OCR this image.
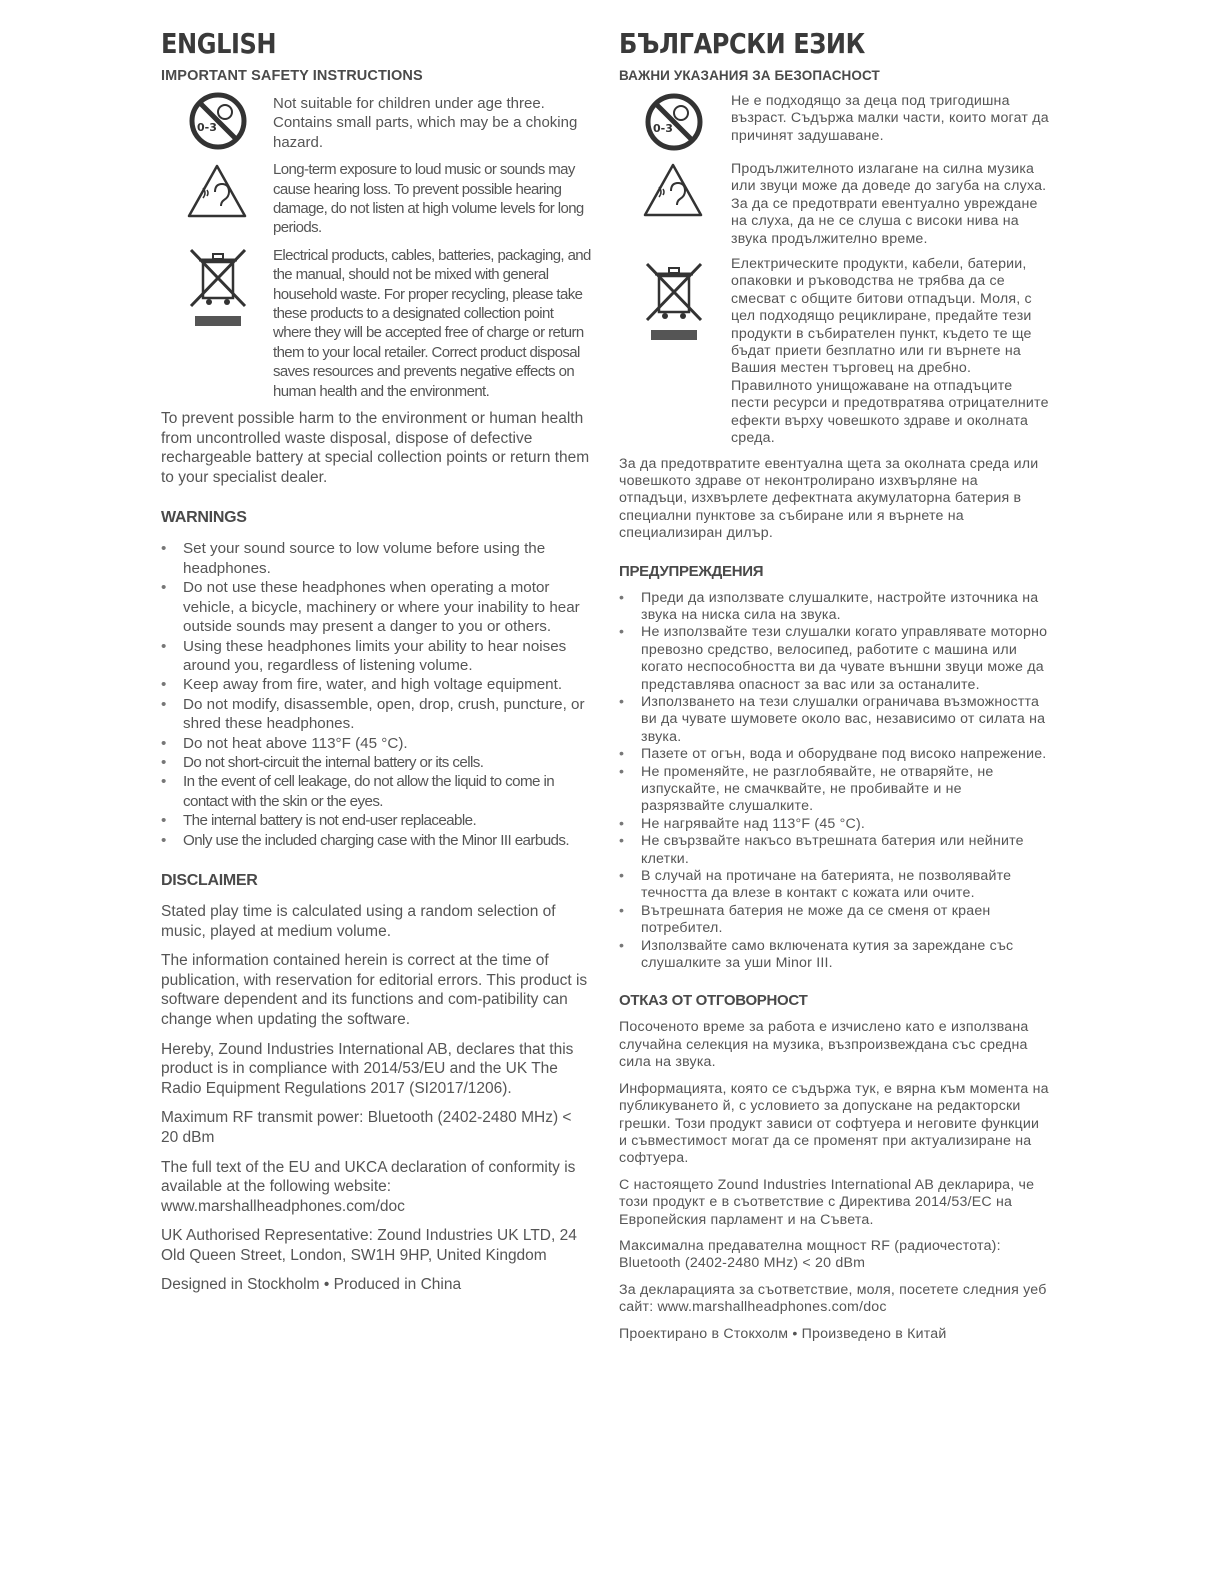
ENGLISH
IMPORTANT SAFETY INSTRUCTIONS
0-3
Not suitable for children under age three. Contains small parts, which may be a choking hazard.
Long-term exposure to loud music or sounds may cause hearing loss. To prevent possible hearing damage, do not listen at high volume levels for long periods.
Electrical products, cables, batteries, packaging, and the manual, should not be mixed with general household waste. For proper recycling, please take these products to a designated collection point where they will be accepted free of charge or return them to your local retailer. Correct product disposal saves resources and prevents negative effects on human health and the environment.

To prevent possible harm to the environment or human health from uncontrolled waste disposal, dispose of defective rechargeable battery at special collection points or return them to your specialist dealer.

WARNINGS
• Set your sound source to low volume before using the headphones.
• Do not use these headphones when operating a motor vehicle, a bicycle, machinery or where your inability to hear outside sounds may present a danger to you or others.
• Using these headphones limits your ability to hear noises around you, regardless of listening volume.
• Keep away from fire, water, and high voltage equipment.
• Do not modify, disassemble, open, drop, crush, puncture, or shred these headphones.
• Do not heat above 113°F (45 °C).
• Do not short-circuit the internal battery or its cells.
• In the event of cell leakage, do not allow the liquid to come in contact with the skin or the eyes.
• The internal battery is not end-user replaceable.
• Only use the included charging case with the Minor III earbuds.
DISCLAIMER

Stated play time is calculated using a random selection of music, played at medium volume.

The information contained herein is correct at the time of publication, with reservation for editorial errors. This product is software dependent and its functions and com-patibility can change when updating the software.

Hereby, Zound Industries International AB, declares that this product is in compliance with 2014/53/EU and the UK The Radio Equipment Regulations 2017 (SI2017/1206).

Maximum RF transmit power: Bluetooth (2402-2480 MHz) < 20 dBm

The full text of the EU and UKCA declaration of conformity is available at the following website: www.marshallheadphones.com/doc

UK Authorised Representative: Zound Industries UK LTD, 24 Old Queen Street, London, SW1H 9HP, United Kingdom

Designed in Stockholm • Produced in China

БЪЛГАРСКИ ЕЗИК
ВАЖНИ УКАЗАНИЯ ЗА БЕЗОПАСНОСТ
0-3
Не е подходящо за деца под тригодишна възраст. Съдържа малки части, които могат да причинят задушаване.
Продължителното излагане на силна музика или звуци може да доведе до загуба на слуха. За да се предотврати евентуално увреждане на слуха, да не се слуша с високи нива на звука продължително време.
Електрическите продукти, кабели, батерии, опаковки и ръководства не трябва да се смесват с общите битови отпадъци. Моля, с цел подходящо рециклиране, предайте тези продукти в събирателен пункт, където те ще бъдат приети безплатно или ги върнете на Вашия местен търговец на дребно. Правилното унищожаване на отпадъците пести ресурси и предотвратява отрицателните ефекти върху човешкото здраве и околната среда.

За да предотвратите евентуална щета за околната среда или човешкото здраве от неконтролирано изхвърляне на отпадъци, изхвърлете дефектната акумулаторна батерия в специални пунктове за събиране или я върнете на специализиран дилър.

ПРЕДУПРЕЖДЕНИЯ
• Преди да използвате слушалките, настройте източника на звука на ниска сила на звука.
• Не използвайте тези слушалки когато управлявате моторно превозно средство, велосипед, работите с машина или когато неспособността ви да чувате външни звуци може да представлява опасност за вас или за останалите.
• Използването на тези слушалки ограничава възможността ви да чувате шумовете около вас, независимо от силата на звука.
• Пазете от огън, вода и оборудване под високо напрежение.
• Не променяйте, не разглобявайте, не отваряйте, не изпускайте, не смачквайте, не пробивайте и не разрязвайте слушалките.
• Не нагрявайте над 113°F (45 °C).
• Не свързвайте накъсо вътрешната батерия или нейните клетки.
• В случай на протичане на батерията, не позволявайте течността да влезе в контакт с кожата или очите.
• Вътрешната батерия не може да се сменя от краен потребител.
• Използвайте само включената кутия за зареждане със слушалките за уши Minor III.
ОТКАЗ ОТ ОТГОВОРНОСТ

Посоченото време за работа е изчислено като е използвана случайна селекция на музика, възпроизвеждана със средна сила на звука.

Информацията, която се съдържа тук, е вярна към момента на публикуването й, с условието за допускане на редакторски грешки. Този продукт зависи от софтуера и неговите функции и съвместимост могат да се променят при актуализиране на софтуера.

С настоящето Zound Industries International AB декларира, че този продукт е в съответствие с Директива 2014/53/ЕС на Европейския парламент и на Съвета.

Максимална предавателна мощност RF (радиочестота): Bluetooth (2402-2480 MHz) < 20 dBm

За декларацията за съответствие, моля, посетете следния уеб сайт: www.marshallheadphones.com/doc

Проектирано в Стокхолм • Произведено в Китай
